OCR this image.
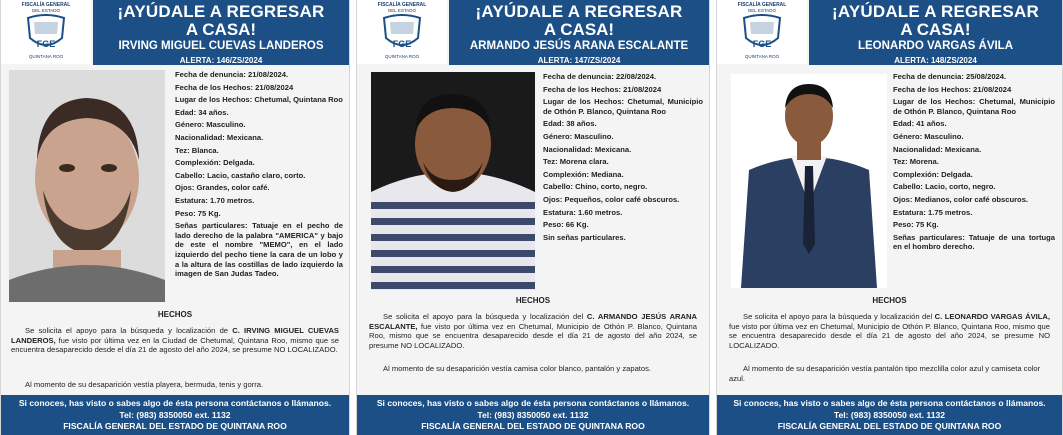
FISCALÍA GENERAL
DEL ESTADO
FGE
QUINTANA ROO
¡AYÚDALE A REGRESAR
A CASA!
IRVING MIGUEL CUEVAS LANDEROS
ALERTA: 146/ZS/2024
Fecha de denuncia: 21/08/2024.
Fecha de los Hechos: 21/08/2024
Lugar de los Hechos: Chetumal, Quintana Roo
Edad: 34 años.
Género: Masculino.
Nacionalidad: Mexicana.
Tez: Blanca.
Complexión: Delgada.
Cabello: Lacio, castaño claro, corto.
Ojos: Grandes, color café.
Estatura: 1.70 metros.
Peso: 75 Kg.
Señas particulares: Tatuaje en el pecho de lado derecho de la palabra "AMERICA" y bajo de este el nombre "MEMO", en el lado izquierdo del pecho tiene la cara de un lobo y a la altura de las costillas de lado izquierdo la imagen de San Judas Tadeo.
HECHOS
Se solicita el apoyo para la búsqueda y localización de C. IRVING MIGUEL CUEVAS LANDEROS, fue visto por última vez en la Ciudad de Chetumal, Quintana Roo, mismo que se encuentra desaparecido desde el día 21 de agosto del año 2024, se presume NO LOCALIZADO.
Al momento de su desaparición vestía playera, bermuda, tenis y gorra.
Si conoces, has visto o sabes algo de ésta persona contáctanos o llámanos.
Tel: (983) 8350050 ext. 1132
FISCALÍA GENERAL DEL ESTADO DE QUINTANA ROO
FISCALÍA GENERAL
DEL ESTADO
FGE
QUINTANA ROO
¡AYÚDALE A REGRESAR
A CASA!
ARMANDO JESÚS ARANA ESCALANTE
ALERTA: 147/ZS/2024
Fecha de denuncia: 22/08/2024.
Fecha de los Hechos: 21/08/2024
Lugar de los Hechos: Chetumal, Municipio de Othón P. Blanco, Quintana Roo
Edad: 38 años.
Género: Masculino.
Nacionalidad: Mexicana.
Tez: Morena clara.
Complexión: Mediana.
Cabello: Chino, corto, negro.
Ojos: Pequeños, color café obscuros.
Estatura: 1.60 metros.
Peso: 66 Kg.
Sin señas particulares.
HECHOS
Se solicita el apoyo para la búsqueda y localización del C. ARMANDO JESÚS ARANA ESCALANTE, fue visto por última vez en Chetumal, Municipio de Othón P. Blanco, Quintana Roo, mismo que se encuentra desaparecido desde el día 21 de agosto del año 2024, se presume NO LOCALIZADO.
Al momento de su desaparición vestía camisa color blanco, pantalón y zapatos.
Si conoces, has visto o sabes algo de ésta persona contáctanos o llámanos.
Tel: (983) 8350050 ext. 1132
FISCALÍA GENERAL DEL ESTADO DE QUINTANA ROO
FISCALÍA GENERAL
DEL ESTADO
FGE
QUINTANA ROO
¡AYÚDALE A REGRESAR
A CASA!
LEONARDO VARGAS ÁVILA
ALERTA: 148/ZS/2024
Fecha de denuncia: 25/08/2024.
Fecha de los Hechos: 21/08/2024
Lugar de los Hechos: Chetumal, Municipio de Othón P. Blanco, Quintana Roo
Edad: 41 años.
Género: Masculino.
Nacionalidad: Mexicana.
Tez: Morena.
Complexión: Delgada.
Cabello: Lacio, corto, negro.
Ojos: Medianos, color café obscuros.
Estatura: 1.75 metros.
Peso: 75 Kg.
Señas particulares: Tatuaje de una tortuga en el hombro derecho.
HECHOS
Se solicita el apoyo para la búsqueda y localización del C. LEONARDO VARGAS ÁVILA, fue visto por última vez en Chetumal, Municipio de Othón P. Blanco, Quintana Roo, mismo que se encuentra desaparecido desde el día 21 de agosto del año 2024, se presume NO LOCALIZADO.
Al momento de su desaparición vestía pantalón tipo mezclilla color azul y camiseta color azul.
Si conoces, has visto o sabes algo de ésta persona contáctanos o llámanos.
Tel: (983) 8350050 ext. 1132
FISCALÍA GENERAL DEL ESTADO DE QUINTANA ROO
